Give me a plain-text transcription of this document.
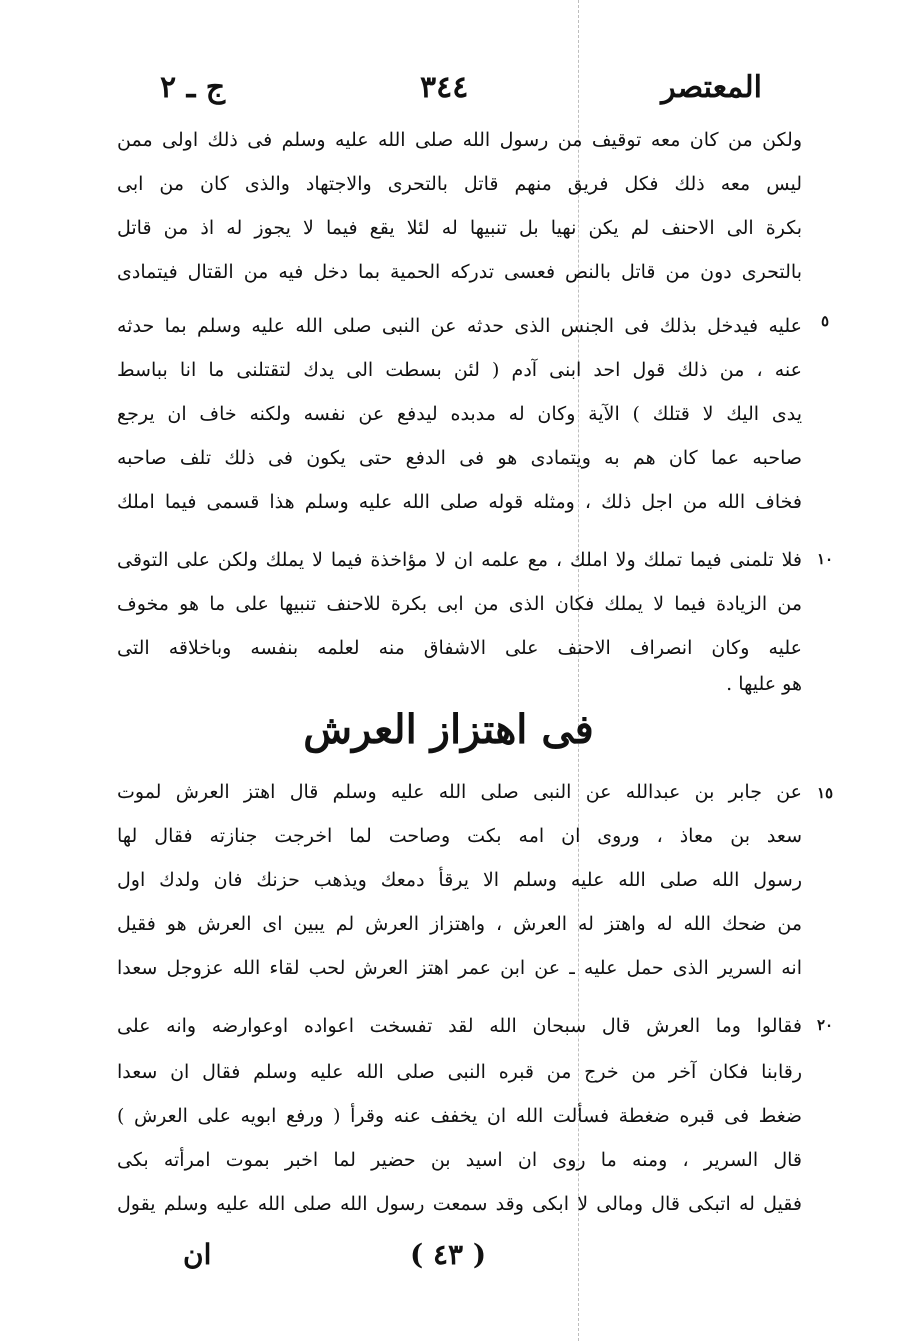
المعتصر
٣٤٤
ج ـ ٢
ولكن من كان معه توقيف من رسول الله صلى الله عليه وسلم فى ذلك اولى ممن
ليس معه ذلك فكل فريق منهم قاتل بالتحرى والاجتهاد والذى كان من ابى
بكرة الى الاحنف لم يكن نهيا بل تنبيها له لئلا يقع فيما لا يجوز له اذ من قاتل
بالتحرى دون من قاتل بالنص فعسى تدركه الحمية بما دخل فيه من القتال فيتمادى
عليه فيدخل بذلك فى الجنس الذى حدثه عن النبى صلى الله عليه وسلم بما حدثه
عنه ، من ذلك قول احد ابنى آدم ( لئن بسطت الى يدك لتقتلنى ما انا بباسط
يدى اليك لا قتلك ) الآية وكان له مدبده ليدفع عن نفسه ولكنه خاف ان يرجع
صاحبه عما كان هم به ويتمادى هو فى الدفع حتى يكون فى ذلك تلف صاحبه
فخاف الله من اجل ذلك ، ومثله قوله صلى الله عليه وسلم هذا قسمى فيما املك
فلا تلمنى فيما تملك ولا املك ، مع علمه ان لا مؤاخذة فيما لا يملك ولكن على التوقى
من الزيادة فيما لا يملك فكان الذى من ابى بكرة للاحنف تنبيها على ما هو مخوف
عليه وكان انصراف الاحنف على الاشفاق منه لعلمه بنفسه وباخلاقه التى
هو عليها .
٥
١٠
عن جابر بن عبدالله عن النبى صلى الله عليه وسلم قال اهتز العرش لموت
سعد بن معاذ ، وروى ان امه بكت وصاحت لما اخرجت جنازته فقال لها
رسول الله صلى الله عليه وسلم الا يرقأ دمعك ويذهب حزنك فان ولدك اول
من ضحك الله له واهتز له العرش ، واهتزاز العرش لم يبين اى العرش هو فقيل
انه السرير الذى حمل عليه ـ عن ابن عمر اهتز العرش لحب لقاء الله عزوجل سعدا
فقالوا وما العرش قال سبحان الله لقد تفسخت اعواده اوعوارضه وانه على
رقابنا فكان آخر من خرج من قبره النبى صلى الله عليه وسلم فقال ان سعدا
ضغط فى قبره ضغطة فسألت الله ان يخفف عنه وقرأ ( ورفع ابويه على العرش )
قال السرير ، ومنه ما روى ان اسيد بن حضير لما اخبر بموت امرأته بكى
فقيل له اتبكى قال ومالى لا ابكى وقد سمعت رسول الله صلى الله عليه وسلم يقول
١٥
٢٠
فى اهتزاز العرش
( ٤٣ )
ان
